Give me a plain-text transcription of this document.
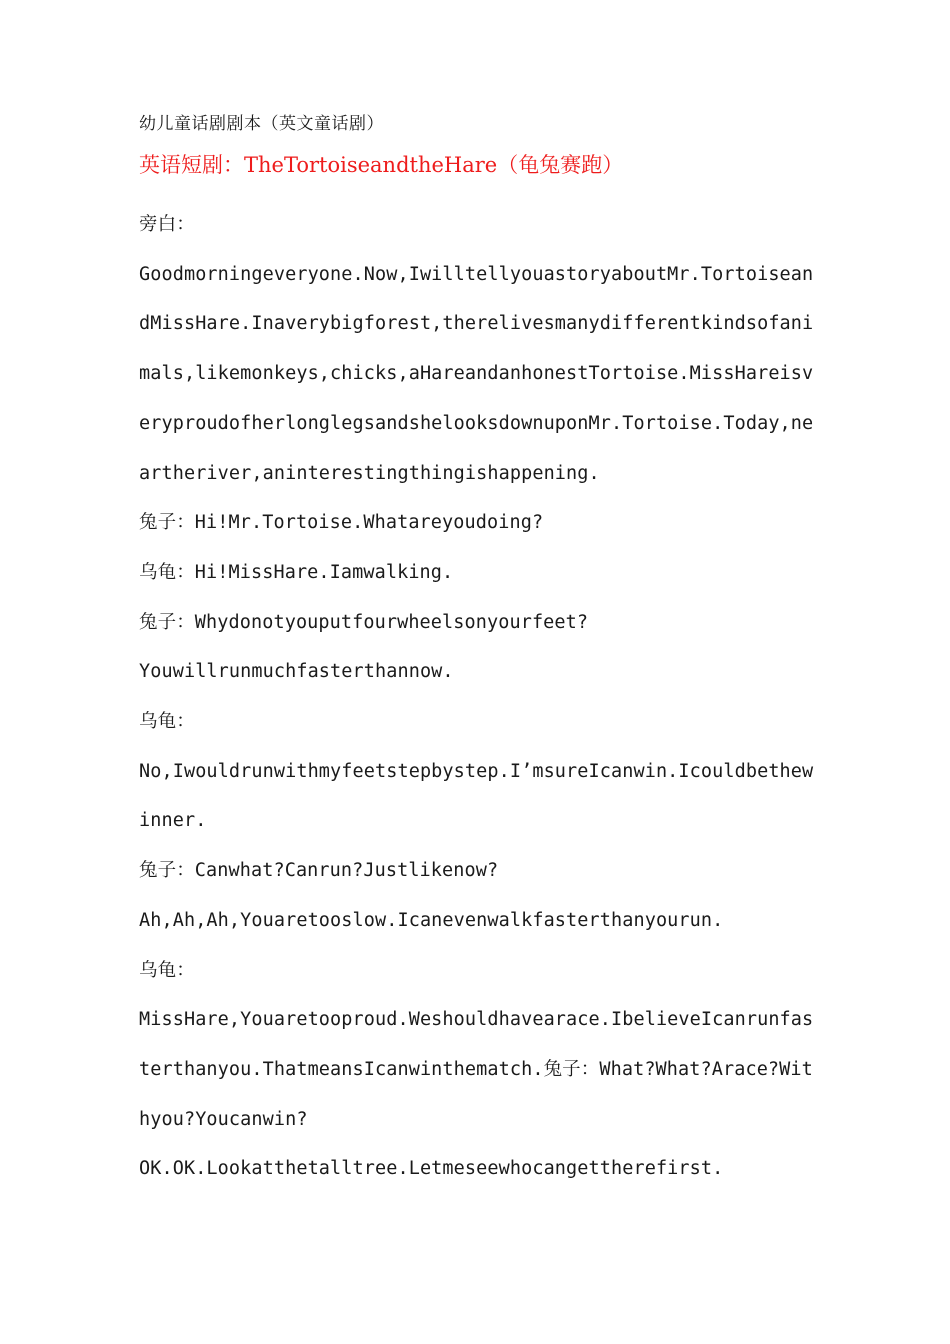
幼儿童话剧剧本（英文童话剧）
英语短剧：TheTortoiseandtheHare（龟兔赛跑）

旁白：

Goodmorningeveryone.Now,IwilltellyouastoryaboutMr.TortoiseandMissHare.Inaverybigforest,therelivesmanydifferentkindsofanimals,likemonkeys,chicks,aHareandanhonestTortoise.MissHareisveryproudofherlonglegsandshelooksdownuponMr.Tortoise.Today,neartheriver,aninterestingthingishappening.

兔子：Hi!Mr.Tortoise.Whatareyoudoing?

乌龟：Hi!MissHare.Iamwalking.

兔子：Whydonotyouputfourwheelsonyourfeet?

Youwillrunmuchfasterthannow.

乌龟：

No,Iwouldrunwithmyfeetstepbystep.I’msureIcanwin.Icouldbethewinner.

兔子：Canwhat?Canrun?Justlikenow?

Ah,Ah,Ah,Youaretooslow.Icanevenwalkfasterthanyourun.

乌龟：

MissHare,Youaretooproud.Weshouldhavearace.IbelieveIcanrunfasterthanyou.ThatmeansIcanwinthematch.兔子：What?What?Arace?Withyou?Youcanwin?

OK.OK.Lookatthetalltree.Letmeseewhocangettherefirst.
